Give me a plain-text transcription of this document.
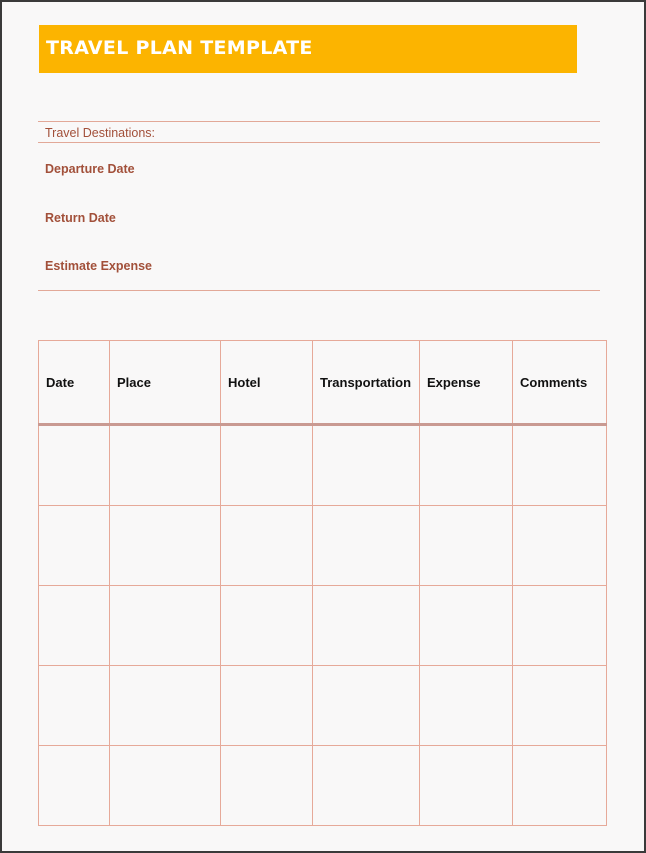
TRAVEL PLAN TEMPLATE
Travel Destinations:
Departure Date
Return Date
Estimate Expense
Date	Place	Hotel	Transportation	Expense	Comments
